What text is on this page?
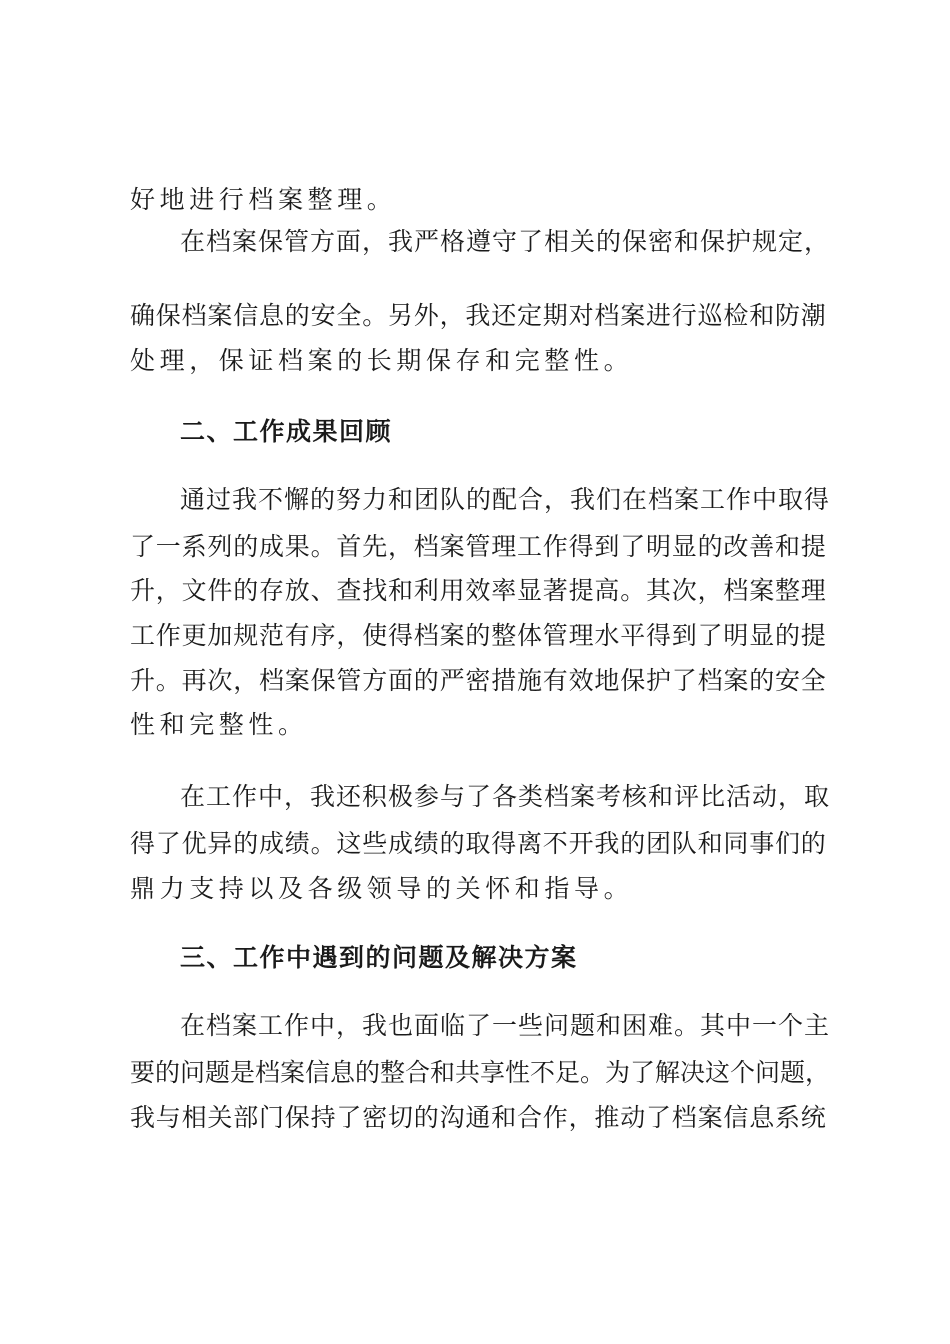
好地进行档案整理。
在档案保管方面，我严格遵守了相关的保密和保护规定，
确保档案信息的安全。另外，我还定期对档案进行巡检和防潮
处理，保证档案的长期保存和完整性。
二、工作成果回顾
通过我不懈的努力和团队的配合，我们在档案工作中取得
了一系列的成果。首先，档案管理工作得到了明显的改善和提
升，文件的存放、查找和利用效率显著提高。其次，档案整理
工作更加规范有序，使得档案的整体管理水平得到了明显的提
升。再次，档案保管方面的严密措施有效地保护了档案的安全
性和完整性。
在工作中，我还积极参与了各类档案考核和评比活动，取
得了优异的成绩。这些成绩的取得离不开我的团队和同事们的
鼎力支持以及各级领导的关怀和指导。
三、工作中遇到的问题及解决方案
在档案工作中，我也面临了一些问题和困难。其中一个主
要的问题是档案信息的整合和共享性不足。为了解决这个问题，
我与相关部门保持了密切的沟通和合作，推动了档案信息系统
